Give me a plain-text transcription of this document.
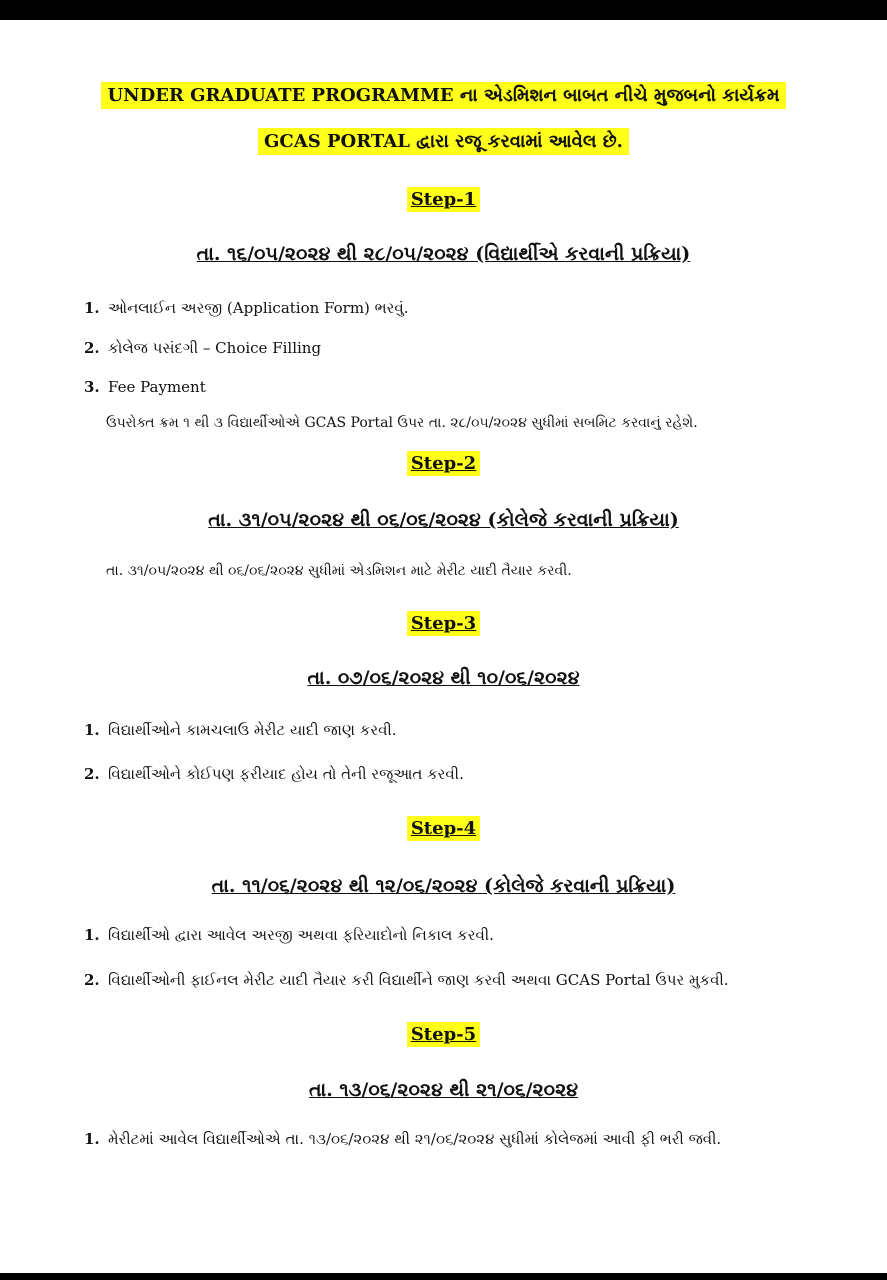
UNDER GRADUATE PROGRAMME ના એડમિશન બાબત નીચે મુજબનો કાર્યક્રમ
GCAS PORTAL દ્વારા રજૂ કરવામાં આવેલ છે.
Step-1
તા. ૧૬/૦૫/૨૦૨૪ થી ૨૮/૦૫/૨૦૨૪ (વિદ્યાર્થીએ કરવાની પ્રક્રિયા)
1. ઓનલાઈન અરજી (Application Form) ભરવું.
2. કોલેજ પસંદગી – Choice Filling
3. Fee Payment
ઉપરોક્ત ક્રમ ૧ થી ૩ વિદ્યાર્થીઓએ GCAS Portal ઉપર તા. ૨૮/૦૫/૨૦૨૪ સુધીમાં સબમિટ કરવાનું રહેશે.
Step-2
તા. ૩૧/૦૫/૨૦૨૪ થી ૦૬/૦૬/૨૦૨૪ (કોલેજે કરવાની પ્રક્રિયા)
તા. ૩૧/૦૫/૨૦૨૪ થી ૦૬/૦૬/૨૦૨૪ સુધીમાં એડમિશન માટે મેરીટ યાદી તૈયાર કરવી.
Step-3
તા. ૦૭/૦૬/૨૦૨૪ થી ૧૦/૦૬/૨૦૨૪
1. વિદ્યાર્થીઓને કામચલાઉ મેરીટ યાદી જાણ કરવી.
2. વિદ્યાર્થીઓને કોઈપણ ફરીયાદ હોય તો તેની રજૂઆત કરવી.
Step-4
તા. ૧૧/૦૬/૨૦૨૪ થી ૧૨/૦૬/૨૦૨૪ (કોલેજે કરવાની પ્રક્રિયા)
1. વિદ્યાર્થીઓ દ્વારા આવેલ અરજી અથવા ફરિયાદોનો નિકાલ કરવી.
2. વિદ્યાર્થીઓની ફાઈનલ મેરીટ યાદી તૈયાર કરી વિદ્યાર્થીને જાણ કરવી અથવા GCAS Portal ઉપર મુકવી.
Step-5
તા. ૧૩/૦૬/૨૦૨૪ થી ૨૧/૦૬/૨૦૨૪
1. મેરીટમાં આવેલ વિદ્યાર્થીઓએ તા. ૧૩/૦૬/૨૦૨૪ થી ૨૧/૦૬/૨૦૨૪ સુધીમાં કોલેજમાં આવી ફી ભરી જવી.
